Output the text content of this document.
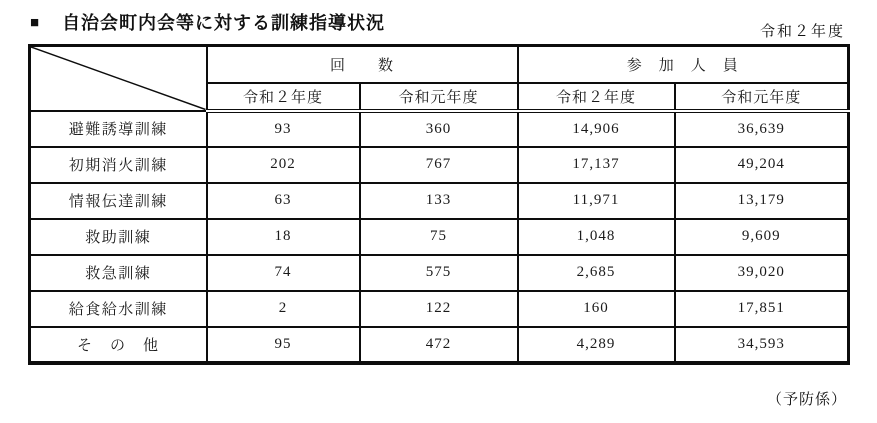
■ 自治会町内会等に対する訓練指導状況	令和２年度
	回　　数		参　加　人　員	
	令和２年度	令和元年度	令和２年度	令和元年度
避難誘導訓練	93	360	14,906	36,639
初期消火訓練	202	767	17,137	49,204
情報伝達訓練	63	133	11,971	13,179
救助訓練	18	75	1,048	9,609
救急訓練	74	575	2,685	39,020
給食給水訓練	2	122	160	17,851
そ　の　他	95	472	4,289	34,593
（予防係）
